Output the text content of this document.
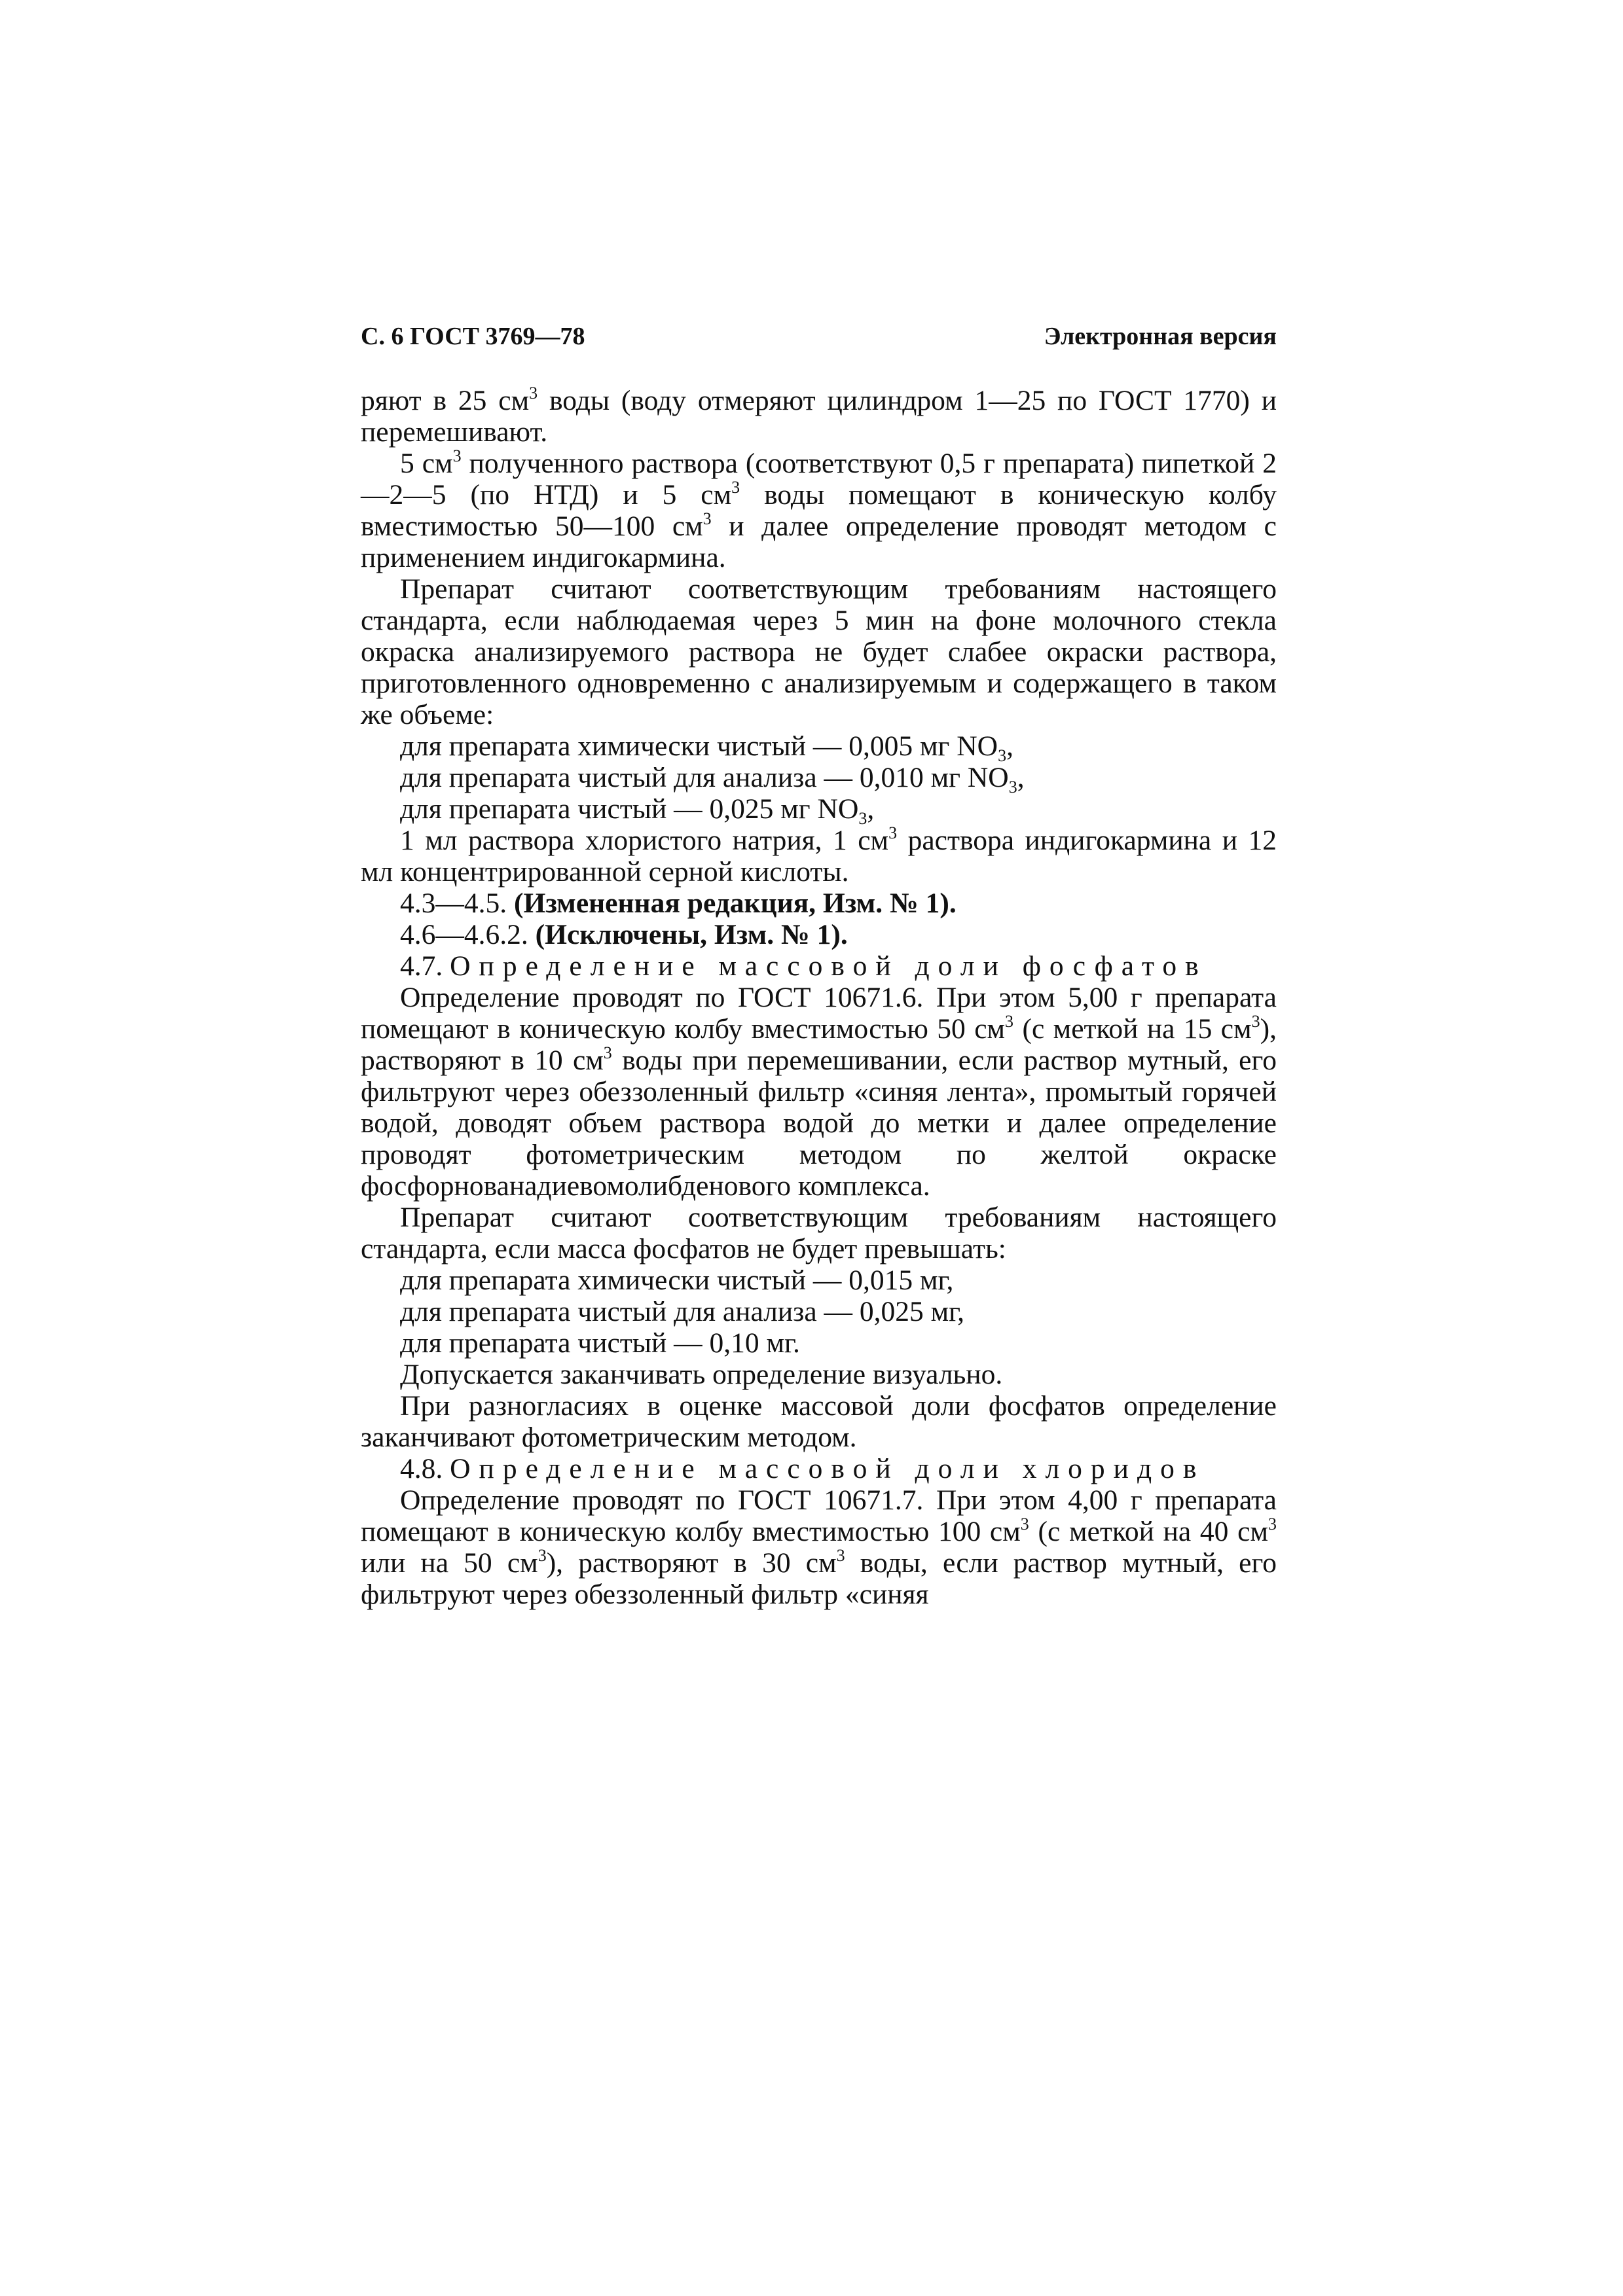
С. 6 ГОСТ 3769—78	Электронная версия

ряют в 25 $см^3$ воды (воду отмеряют цилиндром 1—25 по ГОСТ 1770) и перемешивают.

5 $см^3$ полученного раствора (соответствуют 0,5 г препарата) пипеткой 2—2—5 (по НТД) и 5 $см^3$ воды помещают в коническую колбу вместимостью 50—100 $см^3$ и далее определение проводят методом с применением индигокармина.

Препарат считают соответствующим требованиям настоящего стандарта, если наблюдаемая через 5 мин на фоне молочного стекла окраска анализируемого раствора не будет слабее окраски раствора, приготовленного одновременно с анализируемым и содержащего в таком же объеме:

для препарата химически чистый — 0,005 мг $NO_3$,

для препарата чистый для анализа — 0,010 мг $NO_3$,

для препарата чистый — 0,025 мг $NO_3$,

1 мл раствора хлористого натрия, 1 $см^3$ раствора индигокармина и 12 мл концентрированной серной кислоты.

4.3—4.5. (Измененная редакция, Изм. № 1).

4.6—4.6.2. (Исключены, Изм. № 1).

4.7. Определение массовой доли фосфатов

Определение проводят по ГОСТ 10671.6. При этом 5,00 г препарата помещают в коническую колбу вместимостью 50 $см^3$ (с меткой на 15 $см^3$), растворяют в 10 $см^3$ воды при перемешивании, если раствор мутный, его фильтруют через обеззоленный фильтр «синяя лента», промытый горячей водой, доводят объем раствора водой до метки и далее определение проводят фотометрическим методом по желтой окраске фосфорнованадиевомолибденового комплекса.

Препарат считают соответствующим требованиям настоящего стандарта, если масса фосфатов не будет превышать:

для препарата химически чистый — 0,015 мг,

для препарата чистый для анализа — 0,025 мг,

для препарата чистый — 0,10 мг.

Допускается заканчивать определение визуально.

При разногласиях в оценке массовой доли фосфатов определение заканчивают фотометрическим методом.

4.8. Определение массовой доли хлоридов

Определение проводят по ГОСТ 10671.7. При этом 4,00 г препарата помещают в коническую колбу вместимостью 100 $см^3$ (с меткой на 40 $см^3$ или на 50 $см^3$), растворяют в 30 $см^3$ воды, если раствор мутный, его фильтруют через обеззоленный фильтр «синяя
